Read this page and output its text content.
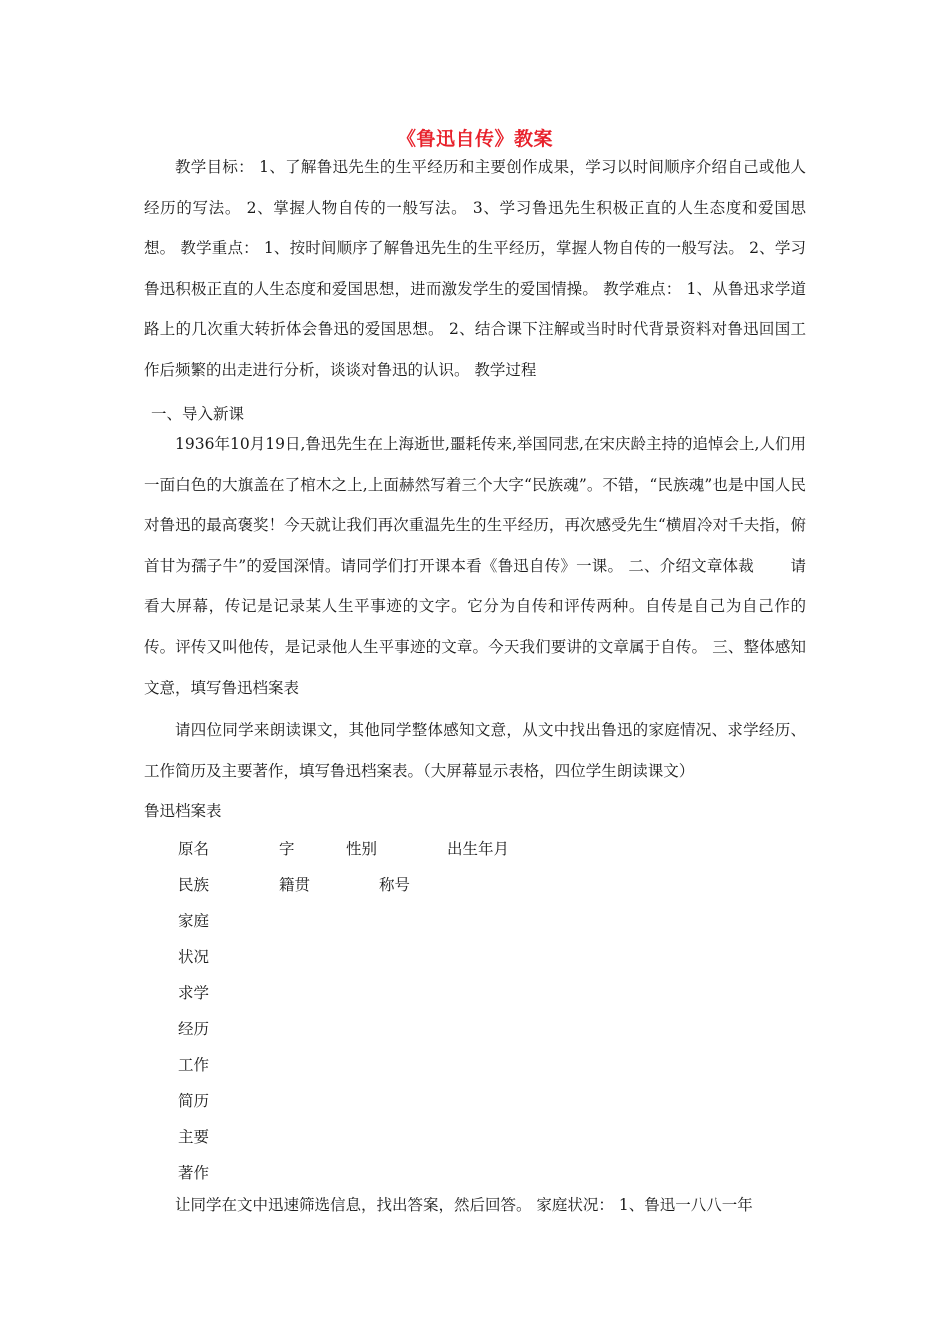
《鲁迅自传》教案

教学目标： 1、了解鲁迅先生的生平经历和主要创作成果，学习以时间顺序介绍自己或他人经历的写法。 2、掌握人物自传的一般写法。 3、学习鲁迅先生积极正直的人生态度和爱国思想。 教学重点： 1、按时间顺序了解鲁迅先生的生平经历，掌握人物自传的一般写法。 2、学习鲁迅积极正直的人生态度和爱国思想，进而激发学生的爱国情操。 教学难点： 1、从鲁迅求学道路上的几次重大转折体会鲁迅的爱国思想。 2、结合课下注解或当时时代背景资料对鲁迅回国工作后频繁的出走进行分析，谈谈对鲁迅的认识。 教学过程

一、导入新课

1936年10月19日,鲁迅先生在上海逝世,噩耗传来,举国同悲,在宋庆龄主持的追悼会上,人们用一面白色的大旗盖在了棺木之上,上面赫然写着三个大字“民族魂”。不错，“民族魂”也是中国人民对鲁迅的最高褒奖！今天就让我们再次重温先生的生平经历，再次感受先生“横眉冷对千夫指，俯首甘为孺子牛”的爱国深情。请同学们打开课本看《鲁迅自传》一课。 二、介绍文章体裁　　 请看大屏幕，传记是记录某人生平事迹的文字。它分为自传和评传两种。自传是自己为自己作的传。评传又叫他传，是记录他人生平事迹的文章。今天我们要讲的文章属于自传。 三、整体感知文意，填写鲁迅档案表

请四位同学来朗读课文，其他同学整体感知文意，从文中找出鲁迅的家庭情况、求学经历、工作简历及主要著作，填写鲁迅档案表。（大屏幕显示表格，四位学生朗读课文）

鲁迅档案表
原名	字	性别	出生年月
民族	籍贯	称号
家庭
状况
求学
经历
工作
简历
主要
著作
让同学在文中迅速筛选信息，找出答案，然后回答。 家庭状况： 1、鲁迅一八八一年
